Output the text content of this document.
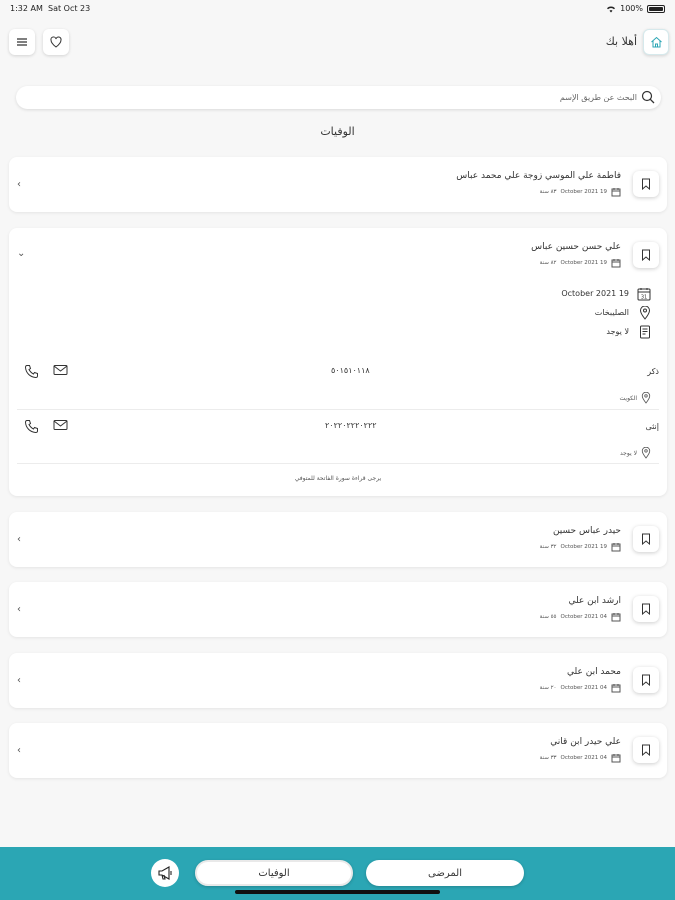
1:32 AM Sat Oct 23	100%
أهلا بك
البحث عن طريق الإسم
الوفيات
فاطمة علي الموسي زوجة علي محمد عباس
19 October 2021
٨٣ سنة
‹
علي حسن حسين عباس
19 October 2021
٨٢ سنة
⌄
31
19 October 2021
الصليبخات
لا يوجد
ذكر
٥٠١٥١٠١١٨
الكويت
إنثى
٢٠٢٢٠٢٢٢٠٢٢٢
لا يوجد
يرجى قراءة سورة الفاتحة للمتوفي
حيدر عباس حسين
19 October 2021
٣٢ سنة
‹
ارشد ابن علي
04 October 2021
٥٥ سنة
‹
محمد ابن علي
04 October 2021
٢٠ سنة
‹
علي حيدر ابن قاني
04 October 2021
٣٣ سنة
‹
الوفيات	المرضى
